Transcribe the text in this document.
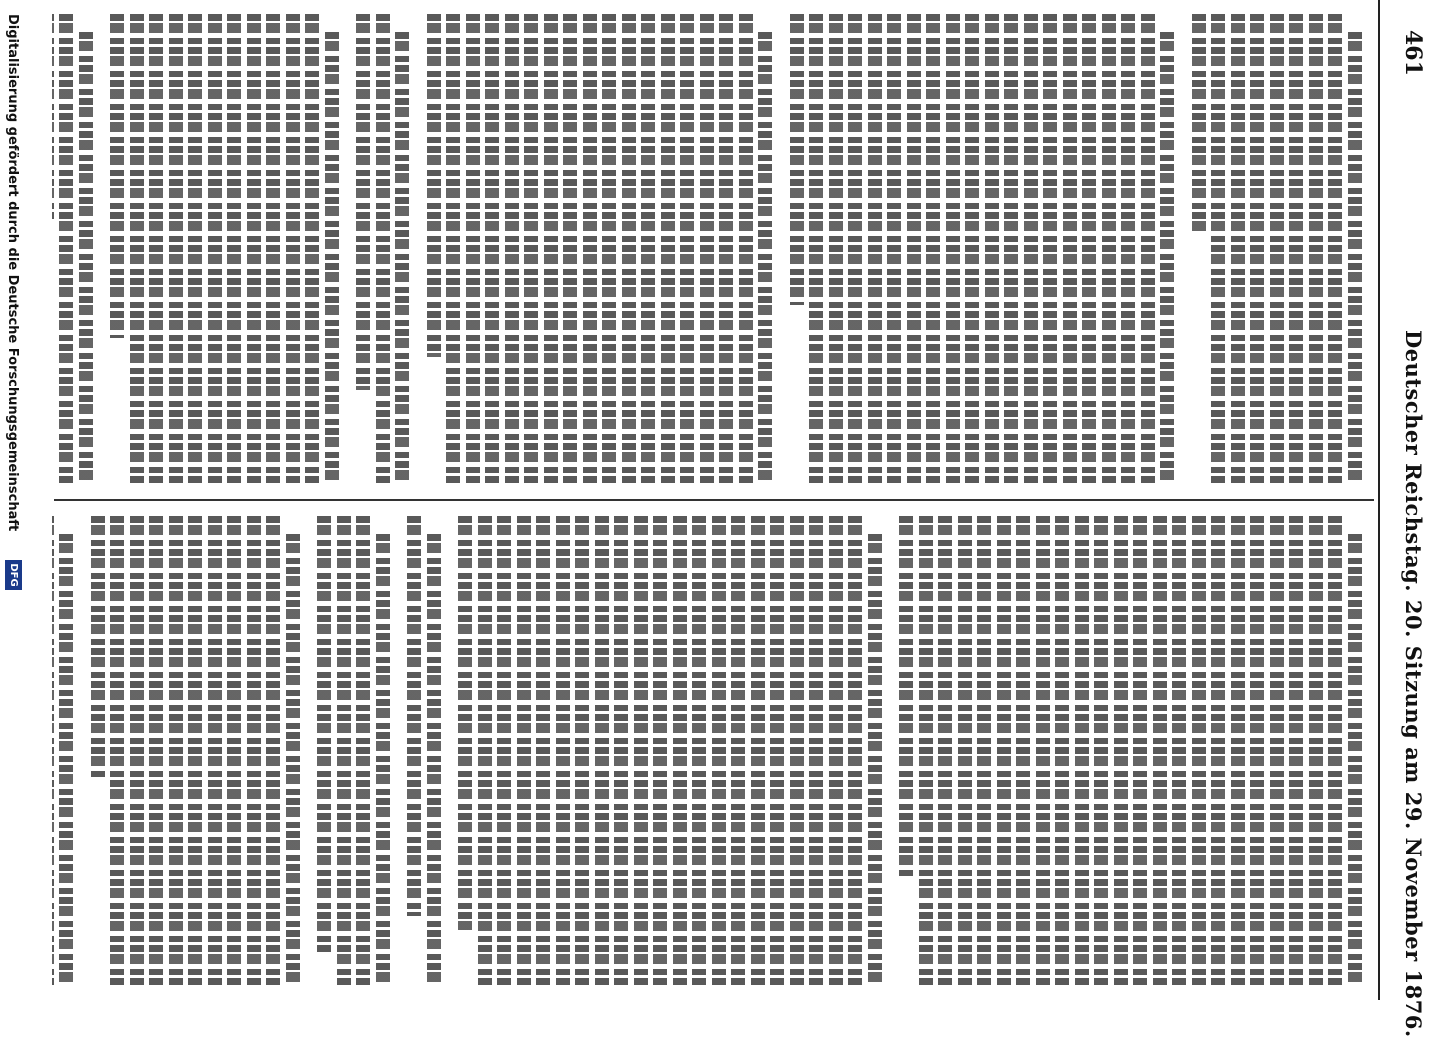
461
Deutscher Reichstag. 20. Sitzung am 29. November 1876.
Digitalisierung gefördert durch die Deutsche Forschungsgemeinschaft
DFG
